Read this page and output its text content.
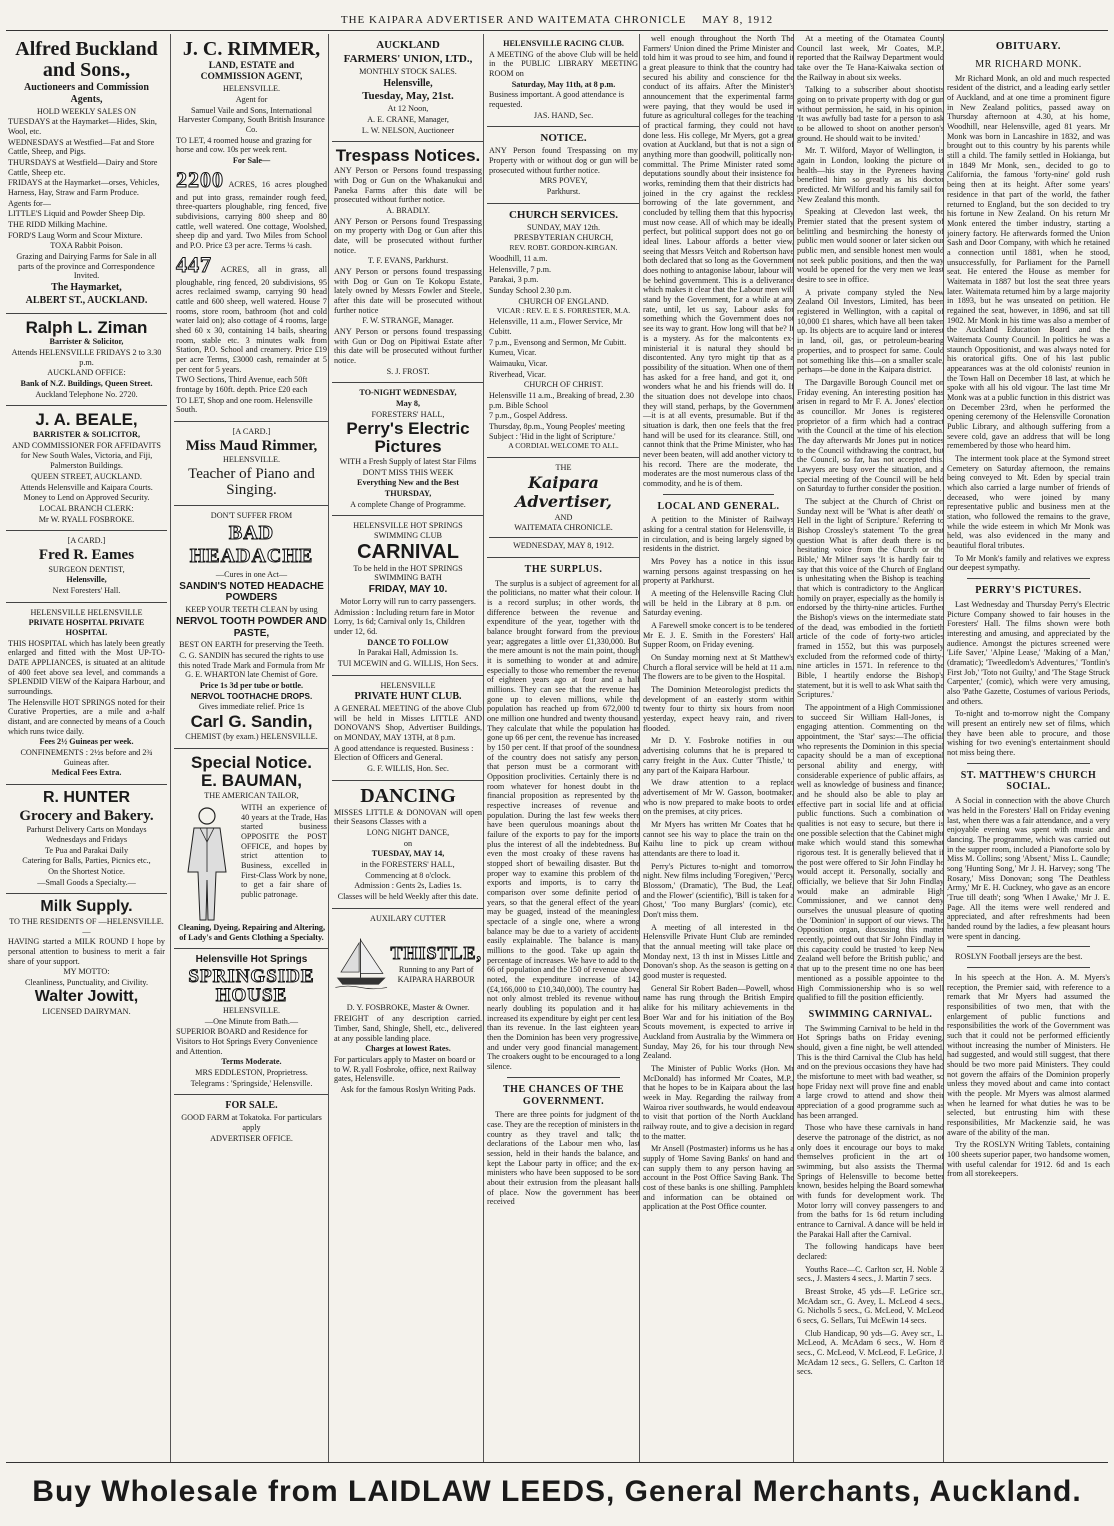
THE KAIPARA ADVERTISER AND WAITEMATA CHRONICLE MAY 8, 1912

Alfred Buckland and Sons.,

Auctioneers and Commission Agents,

HOLD WEEKLY SALES ON

TUESDAYS at the Haymarket—Hides, Skin, Wool, etc.

WEDNESDAYS at Westfied—Fat and Store Cattle, Sheep, and Pigs.

THURSDAYS at Westfield—Dairy and Store Cattle, Sheep etc.

FRIDAYS at the Haymarket—orses, Vehicles, Harness, Hay, Straw and Farm Produce.

Agents for—

LITTLE'S Liquid and Powder Sheep Dip.

THE RIDD Milking Machine.

FORD'S Laug Worm and Scour Mixture.

TOXA Rabbit Poison.

Grazing and Dairying Farms for Sale in all parts of the province and Correspondence Invited.

The Haymarket,

ALBERT ST., AUCKLAND.

Ralph L. Ziman

Barrister & Solicitor,

Attends HELENSVILLE FRIDAYS 2 to 3.30 p.m.

AUCKLAND OFFICE:

Bank of N.Z. Buildings, Queen Street.

Auckland Telephone No. 2720.

J. A. BEALE,

BARRISTER & SOLICITOR,

AND COMMISSIONER FOR AFFIDAVITS for New South Wales, Victoria, and Fiji,

Palmerston Buildings.

QUEEN STREET, AUCKLAND.

Attends Helensville and Kaipara Courts.

Money to Lend on Approved Security.

LOCAL BRANCH CLERK:

Mr W. RYALL FOSBROKE.

[A CARD.]

Fred R. Eames

SURGEON DENTIST,

Helensville,

Next Foresters' Hall.

HELENSVILLE HELENSVILLE

PRIVATE HOSPITAL PRIVATE HOSPITAL

THIS HOSPITAL which has lately been greatly enlarged and fitted with the Most UP-TO-DATE APPLIANCES, is situated at an altitude of 400 feet above sea level, and commands a SPLENDID VIEW of the Kaipara Harbour, and surroundings.

The Helensville HOT SPRINGS noted for their Curative Properties, are a mile and a-half distant, and are connected by means of a Couch which runs twice daily.

Fees 2½ Guineas per week.

CONFINEMENTS : 2½s before and 2¾ Guineas after.

Medical Fees Extra.

R. HUNTER

Grocery and Bakery.

Parhurst Delivery Carts on Mondays Wednesdays and Fridays

Te Pua and Parakai Daily

Catering for Balls, Parties, Picnics etc.,

On the Shortest Notice.

—Small Goods a Specialty.—

Milk Supply.

TO THE RESIDENTS OF —HELENSVILLE.—

HAVING started a MILK ROUND I hope by personal attention to business to merit a fair share of your support.

MY MOTTO:

Cleanliness, Punctuality, and Civility.

Walter Jowitt,

LICENSED DAIRYMAN.

J. C. RIMMER,

LAND, ESTATE and COMMISSION AGENT,

HELENSVILLE.

Agent for

Samuel Vaile and Sons, International Harvester Company, South British Insurance Co.

TO LET, 4 roomed house and grazing for horse and cow. 10s per week rent.

For Sale—

2200 ACRES, 16 acres ploughed and put into grass, remainder rough feed, three-quarters ploughable, ring fenced, five subdivisions, carrying 800 sheep and 80 cattle, well watered. One cottage, Woolshed, sheep dip and yard. Two Miles from School and P.O. Price £3 per acre. Terms ¼ cash.

447 ACRES, all in grass, all ploughable, ring fenced, 20 subdivisions, 95 acres reclaimed swamp, carrying 90 head cattle and 600 sheep, well watered. House 7 rooms, store room, bathroom (hot and cold water laid on); also cottage of 4 rooms, large shed 60 x 30, containing 14 bails, shearing room, stable etc. 3 minutes walk from Station, P.O. School and creamery. Price £19 per acre Terms, £3000 cash, remainder at 5 per cent for 5 years.

TWO Sections, Third Avenue, each 50ft frontage by 160ft. depth. Price £20 each

TO LET, Shop and one room. Helensville South.

[A CARD.]

Miss Maud Rimmer,

HELENSVILLE.

Teacher of Piano and Singing.

DON'T SUFFER FROM

BAD HEADACHE

—Cures in one Act—

SANDIN'S NOTED HEADACHE POWDERS

KEEP YOUR TEETH CLEAN by using

NERVOL TOOTH POWDER AND PASTE,

BEST ON EARTH for preserving the Teeth.

C. G. SANDIN has secured the rights to use this noted Trade Mark and Formula from Mr G. E. WHARTON late Chemist of Gore.

Price 1s 3d per tube or bottle.

NERVOL TOOTHACHE DROPS.

Gives immediate relief. Price 1s

Carl G. Sandin,

CHEMIST (by exam.) HELENSVILLE.

Special Notice.

E. BAUMAN,

THE AMERICAN TAILOR,

WITH an experience of 40 years at the Trade, Has started business OPPOSITE the POST OFFICE, and hopes by strict attention to Business, excelled in First-Class Work by none, to get a fair share of public patronage.

Cleaning, Dyeing, Repairing and Altering, of Lady's and Gents Clothing a Specialty.

Helensville Hot Springs

SPRINGSIDE HOUSE

HELENSVILLE.

—One Minute from Bath.—

SUPERIOR BOARD and Residence for Visitors to Hot Springs Every Convenience and Attention.

Terms Moderate.

MRS EDDLESTON, Proprietress.

Telegrams : 'Springside,' Helensville.

FOR SALE.

GOOD FARM at Tokatoka. For particulars apply

ADVERTISER OFFICE.

AUCKLAND

FARMERS' UNION, LTD.,

MONTHLY STOCK SALES.

Helensville,

Tuesday, May, 21st.

At 12 Noon,

A. E. CRANE, Manager,

L. W. NELSON, Auctioneer

Trespass Notices.

ANY Person or Persons found trespassing with Dog or Gun on the Whakanukui and Paneka Farms after this date will be prosecuted without further notice.

A. BRADLY.

ANY Person or Persons found Trespassing on my property with Dog or Gun after this date, will be prosecuted without further notice.

T. F. EVANS, Parkhurst.

ANY Person or persons found trespassing with Dog or Gun on Te Kokopu Estate, lately owned by Messrs Fowler and Steele, after this date will be prosecuted without further notice

F. W. STRANGE, Manager.

ANY Person or persons found trespassing with Gun or Dog on Pipitiwai Estate after this date will be prosecuted without further notice.

S. J. FROST.

TO-NIGHT WEDNESDAY,

May 8,

FORESTERS' HALL,

Perry's Electric Pictures

WITH a Fresh Supply of latest Star Films

DON'T MISS THIS WEEK

Everything New and the Best

THURSDAY,

A complete Change of Programme.

HELENSVILLE HOT SPRINGS SWIMMING CLUB

CARNIVAL

To be held in the HOT SPRINGS SWIMMING BATH

FRIDAY, MAY 10.

Motor Lorry will run to carry passengers.

Admission : Including return fare in Motor Lorry, 1s 6d; Carnival only 1s, Children under 12, 6d.

DANCE TO FOLLOW

In Parakai Hall, Admission 1s.

TUI MCEWIN and G. WILLIS, Hon Secs.

HELENSVILLE

PRIVATE HUNT CLUB.

A GENERAL MEETING of the above Club will be held in Misses LITTLE AND DONOVAN'S Shop, Advertiser Buildings, on MONDAY, MAY 13TH, at 8 p.m.

A good attendance is requested. Business : Election of Officers and General.

G. F. WILLIS, Hon. Sec.

DANCING

MISSES LITTLE & DONOVAN will open their Seasons Classes with a

LONG NIGHT DANCE,

on

TUESDAY, MAY 14,

in the FORESTERS' HALL,

Commencing at 8 o'clock.

Admission : Gents 2s, Ladies 1s.

Classes will be held Weekly after this date.

AUXILARY CUTTER

THISTLE,

Running to any Part of KAIPARA HARBOUR

D. Y. FOSBROKE, Master & Owner.

FREIGHT of any description carried. Timber, Sand, Shingle, Shell, etc., delivered at any possible landing place.

Charges at lowest Rates.

For particulars apply to Master on board or to W. R.yall Fosbroke, office, next Railway gates, Helensville.

Ask for the famous Roslyn Writing Pads.

HELENSVILLE RACING CLUB.

A MEETING of the above Club will be held in the PUBLIC LIBRARY MEETING ROOM on

Saturday, May 11th, at 8 p.m.

Business important. A good attendance is requested.

JAS. HAND, Sec.

NOTICE.

ANY Person found Trespassing on my Property with or without dog or gun will be prosecuted without further notice.

MRS POVEY,

Parkhurst.

CHURCH SERVICES.

SUNDAY, MAY 12th.

PRESBYTERIAN CHURCH,

REV. ROBT. GORDON-KIRGAN.

Woodhill, 11 a.m.

Helensville, 7 p.m.

Parakai, 3 p.m.

Sunday School 2.30 p.m.

CHURCH OF ENGLAND.

VICAR : REV. E. E S. FORRESTER, M.A.

Helensville, 11 a.m., Flower Service, Mr Cubitt.

7 p.m., Evensong and Sermon, Mr Cubitt.

Kumeu, Vicar.

Waimauku, Vicar.

Riverhead, Vicar.

CHURCH OF CHRIST.

Helensville 11 a.m., Breaking of bread, 2.30 p.m. Bible School

7 p.m., Gospel Address.

Thursday, 8p.m., Young Peoples' meeting Subject : 'Hid in the light of Scripture.'

A CORDIAL WELCOME TO ALL.

THE

Kaipara Advertiser,

AND

WAITEMATA CHRONICLE.

WEDNESDAY, MAY 8, 1912.

THE SURPLUS.

The surplus is a subject of agreement for all the politicians, no matter what their colour. It is a record surplus; in other words, the difference between the revenue and expenditure of the year, together with the balance brought forward from the previous year; aggregates a little over £1,330,000. But the mere amount is not the main point, though it is something to wonder at and admire, especially to those who remember the revenue of eighteen years ago at four and a half millions. They can see that the revenue has gone up to eleven millions, while the population has reached up from 672,000 to one million one hundred and twenty thousand. They calculate that while the population has gone up 66 per cent, the revenue has increased by 150 per cent. If that proof of the soundness of the country does not satisfy any person, that person must be a cormorant with Opposition proclivities. Certainly there is no room whatever for honest doubt in the financial proposition as represented by the respective increases of revenue and population. During the last few weeks there have been querulous moanings about the failure of the exports to pay for the imports plus the interest of all the indebtedness. But even the most croaky of these ravens has stopped short of bewailing disaster. But the proper way to examine this problem of the exports and imports, is to carry the comparison over some definite period of years, so that the general effect of the years may be guaged, instead of the meaningless spectacle of a single one, where a wrong balance may be due to a variety of accidents easily explainable. The balance is many millions to the good. Take up again the percentage of increases. We have to add to the 66 of population and the 150 of revenue above noted, the expenditure increase of 142 (£4,166,000 to £10,340,000). The country has not only almost trebled its revenue without nearly doubling its population and it has increased its expenditure by eight per cent less than its revenue. In the last eighteen years then the Dominion has been very progressive, and under very good financial management. The croakers ought to be encouraged to a long silence.

THE CHANCES OF THE GOVERNMENT.

There are three points for judgment of the case. They are the reception of ministers in the country as they travel and talk; the declarations of the Labour men who, last session, held in their hands the balance, and kept the Labour party in office; and the ex-ministers who have been supposed to be sore about their extrusion from the pleasant halls of place. Now the government has been received

well enough throughout the North The Farmers' Union dined the Prime Minister and told him it was proud to see him, and found it a great pleasure to think that the country had secured his ability and conscience for the conduct of its affairs. After the Minister's announcement that the experimental farms were paying, that they would be used in future as agricultural colleges for the teaching of practical farming, they could not have done less. His college, Mr Myers, got a great ovation at Auckland, but that is not a sign of anything more than goodwill, politically non-committal. The Prime Minister rated some deputations soundly about their insistence for works, reminding them that their districts had joined in the cry against the reckless borrowing of the late government, and concluded by telling them that this hypocrisy must now cease. All of which may be ideally perfect, but political support does not go on ideal lines. Labour affords a better view, seeing that Messrs Veitch and Robertson have both declared that so long as the Government does nothing to antagonise labour, labour will be behind government. This is a deliverance which makes it clear that the Labour men will stand by the Government, for a while at any rate, until, let us say, Labour asks for something which the Government does not see its way to grant. How long will that be? It is a mystery. As for the malcontents ex-ministerial it is natural they should be discontented. Any tyro might tip that as a possibility of the situation. When one of them has asked for a free hand, and got it, one wonders what he and his friends will do. If the situation does not develope into chaos, they will stand, perhaps, by the Government—it is at all events, presumable. But if the situation is dark, then one feels that the free hand will be used for its clearance. Still, one cannot think that the Prime Minister, who has never been beaten, will add another victory to his record. There are the moderate, the moderates are the most numerous class of the commodity, and he is of them.

LOCAL AND GENERAL.

A petition to the Minister of Railways asking for a central station for Helensville, is in circulation, and is being largely signed by residents in the district.

Mrs Povey has a notice in this issue warning persons against trespassing on her property at Parkhurst.

A meeting of the Helensville Racing Club will be held in the Library at 8 p.m. on Saturday evening.

A Farewell smoke concert is to be tendered Mr E. J. E. Smith in the Foresters' Hall Supper Room, on Friday evening.

On Sunday morning next at St Matthew's Church a floral service will be held at 11 a.m. The flowers are to be given to the Hospital.

The Dominion Meteorologist predicts the development of an easterly storm within twenty four to thirty six hours from noon yesterday, expect heavy rain, and rivers flooded.

Mr D. Y. Fosbroke notifies in our advertising columns that he is prepared to carry freight in the Aux. Cutter 'Thistle,' to any part of the Kaipara Harbour.

We draw attention to a replace advertisement of Mr W. Gasson, bootmaker, who is now prepared to make boots to order on the premises, at city prices.

Mr Myers has written Mr Coates that he cannot see his way to place the train on the Kaihu line to pick up cream without attendants are there to load it.

Perry's Pictures to-night and tomorrow night. New films including 'Foregiven,' 'Percy Blossom,' (Dramatic), 'The Bud, the Leaf, and the Flower' (scientific), 'Bill is taken for a Ghost,' 'Too many Burglars' (comic), etc. Don't miss them.

A meeting of all interested in the Helensville Private Hunt Club are reminded that the annual meeting will take place on Monday next, 13 th inst in Misses Little and Donovan's shop. As the season is getting on a good muster is requested.

General Sir Robert Baden—Powell, whose name has rung through the British Empire alike for his military achievements in the Boer War and for his initiation of the Boy Scouts movement, is expected to arrive in Auckland from Australia by the Wimmera on Sunday, May 26, for his tour through New Zealand.

The Minister of Public Works (Hon. Mr McDonald) has informed Mr Coates, M.P., that he hopes to be in Kaipara about the last week in May. Regarding the railway from Wairoa river southwards, he would endeavour to visit that portion of the North Auckland railway route, and to give a decision in regard to the matter.

Mr Ansell (Postmaster) informs us he has a supply of 'Home Saving Banks' on hand and can supply them to any person having an account in the Post Office Saving Bank. The cost of these banks is one shilling. Pamphlets and information can be obtained on application at the Post Office counter.

At a meeting of the Otamatea County Council last week, Mr Coates, M.P., reported that the Railway Department would take over the Te Hana-Kaiwaka section of the Railway in about six weeks.

Talking to a subscriber about shootists going on to private property with dog or gun without permission, he said, in his opinion, 'It was awfully bad taste for a person to ask to be allowed to shoot on another person's ground. He should wait to be invited.'

Mr. T. Wilford, Mayor of Wellington, is again in London, looking the picture of health—his stay in the Pyrenees having benefited him so greatly as his doctor predicted. Mr Wilford and his family sail for New Zealand this month.

Speaking at Clevedon last week, the Premier stated that the present system of belittling and besmirching the honesty of public men would sooner or later sicken our public men, and sensible honest men would not seek public positions, and then the way would be opened for the very men we least desire to see in office.

A private company styled the New Zealand Oil Investors, Limited, has been registered in Wellington, with a capital of 10,000 £1 shares, which have all been taken up. Its objects are to acquire land or interest in land, oil, gas, or petroleum-bearing properties, and to prospect for same. Could not something like this—on a smaller scale, perhaps—be done in the Kaipara district.

The Dargaville Borough Council met on Friday evening. An interesting position has arisen in regard to Mr F. A. Jones' election as councillor. Mr Jones is registered proprietor of a firm which had a contract with the Council at the time of his election. The day afterwards Mr Jones put in notices to the Council withdrawing the contract, but the Council, so far, has not accepted this. Lawyers are busy over the situation, and a special meeting of the Council will be held on Saturday to further consider the position.

The subject at the Church of Christ on Sunday next will be 'What is after death' or Hell in the light of Scripture.' Referring to Bishop Crossley's statement 'To the great question What is after death there is no hesitating voice from the Church or the Bible,' Mr Milner says 'It is hardly fair to say that this voice of the Church of England is unhesitating when the Bishop is teaching that which is contradictory to the Anglican homily on prayer, especially as the homily is endorsed by the thirty-nine articles. Further the Bishop's views on the intermediate state of the dead, was embodied in the fortieth article of the code of forty-two articles framed in 1552, but this was purposely excluded from the reformed code of thirty-nine articles in 1571. In reference to the Bible, I heartily endorse the Bishop's statement, but it is well to ask What saith the Scriptures.'

The appointment of a High Commissioner to succeed Sir William Hall-Jones, is engaging attention. Commenting on the appointment, the 'Star' says:—The official who represents the Dominion in this special capacity should be a man of exceptional personal ability and energy, with considerable experience of public affairs, as well as knowledge of business and finance; and he should also be able to play an effective part in social life and at official public functions. Such a combination of qualities is not easy to secure, but there is one possible selection that the Cabinet might make which would stand this somewhat rigorous test. It is generally believed that if the post were offered to Sir John Findlay he would accept it. Personally, socially and officially, we believe that Sir John Findlay would make an admirable High Commissioner, and we cannot deny ourselves the unusual pleasure of quoting the 'Dominion' in support of our views. The Opposition organ, discussing this matter recently, pointed out that Sir John Findlay in this capacity could be trusted 'to keep New Zealand well before the British public,' and that up to the present time no one has been mentioned as a possible appointee to the High Commissionership who is so well qualified to fill the position efficiently.

SWIMMING CARNIVAL.

The Swimming Carnival to be held in the Hot Springs baths on Friday evening, should, given a fine night, be well attended. This is the third Carnival the Club has held, and on the previous occasions they have had the misfortune to meet with bad weather, so hope Friday next will prove fine and enable a large crowd to attend and show their appreciation of a good programme such as has been arranged.

Those who have these carnivals in hand deserve the patronage of the district, as not only does it encourage our boys to make themselves proficient in the art of swimming, but also assists the Thermal Springs of Helensville to become better known, besides helping the Board somewhat with funds for development work. The Motor lorry will convey passengers to and from the baths for 1s 6d return including entrance to Carnival. A dance will be held in the Parakai Hall after the Carnival.

The following handicaps have been declared:

Youths Race—C. Carlton scr, H. Noble 2 secs., J. Masters 4 secs., J. Martin 7 secs.

Breast Stroke, 45 yds—F. LeGrice scr., McAdam scr., G. Avey, L. McLeod 4 secs., G. Nicholls 5 secs., G. McLeod, V. McLeod 6 secs, G. Sellars, Tui McEwin 14 secs.

Club Handicap, 90 yds—G. Avey scr., L. McLeod, A. McAdam 6 secs., W. Horn 8 secs., C. McLeod, V. McLeod, F. LeGrice, J. McAdam 12 secs., G. Sellers, C. Carlton 18 secs.

OBITUARY.

MR RICHARD MONK.

Mr Richard Monk, an old and much respected resident of the district, and a leading early settler of Auckland, and at one time a prominent figure in New Zealand politics, passed away on Thursday afternoon at 4.30, at his home, Woodhill, near Helensville, aged 81 years. Mr Monk was born in Lancashire in 1832, and was brought out to this country by his parents while still a child. The family settled in Hokianga, but in 1849 Mr Monk, sen., decided to go to California, the famous 'forty-nine' gold rush being then at its height. After some years' residence in that part of the world, the father returned to England, but the son decided to try his fortune in New Zealand. On his return Mr Monk entered the timber industry, starting a joinery factory. He afterwards formed the Union Sash and Door Company, with which he retained a connection until 1881, when he stood, unsuccessfully, for Parliament for the Parnell seat. He entered the House as member for Waitemata in 1887 but lost the seat three years later. Waitemata returned him by a large majority in 1893, but he was unseated on petition. He regained the seat, however, in 1896, and sat till 1902. Mr Monk in his time was also a member of the Auckland Education Board and the Waitemata County Council. In politics he was a staunch Oppositionist, and was always noted for his oratorical gifts. One of his last public appearances was at the old colonists' reunion in the Town Hall on December 18 last, at which he spoke with all his old vigour. The last time Mr Monk was at a public function in this district was on December 23rd, when he performed the opening ceremony of the Helensville Coronation Public Library, and although suffering from a severe cold, gave an address that will be long remembered by those who heard him.

The interment took place at the Symond street Cemetery on Saturday afternoon, the remains being conveyed to Mt. Eden by special train which also carried a large number of friends of deceased, who were joined by many representative public and business men at the station, who followed the remains to the grave, while the wide esteem in which Mr Monk was held, was also evidenced in the many and beautiful floral tributes.

To Mr Monk's family and relatives we express our deepest sympathy.

PERRY'S PICTURES.

Last Wednesday and Thursday Perry's Electric Picture Company showed to fair houses in the Foresters' Hall. The films shown were both interesting and amusing, and appreciated by the audience. Amongst the pictures screened were 'Life Saver,' 'Alpine Lease,' 'Making of a Man,' (dramatic); 'Tweedledom's Adventures,' 'Tontlin's First Job,' 'Toto not Guilty,' and 'The Stage Struck Carpenter,' (comic), which were very amusing, also 'Pathe Gazette, Costumes of various Periods, and others.

To-night and to-morrow night the Company will present an entirely new set of films, which they have been able to procure, and those wishing for two evening's entertainment should not miss being there.

ST. MATTHEW'S CHURCH SOCIAL.

A Social in connection with the above Church was held in the Foresters' Hall on Friday evening last, when there was a fair attendance, and a very enjoyable evening was spent with music and dancing. The programme, which was carried out in the supper room, included a Pianoforte solo by Miss M. Collins; song 'Absent,' Miss L. Caundle; song 'Hunting Song,' Mr J. H. Harvey; song 'The Rosary,' Miss Donovan; song 'The Deathless Army,' Mr E. H. Cuckney, who gave as an encore 'True till death'; song 'When I Awake,' Mr J. E. Page. All the items were well rendered and appreciated, and after refreshments had been handed round by the ladies, a few pleasant hours were spent in dancing.

ROSLYN Football jerseys are the best.

In his speech at the Hon. A. M. Myers's reception, the Premier said, with reference to a remark that Mr Myers had assumed the responsibilities of two men, that with the enlargement of public functions and responsibilities the work of the Government was such that it could not be performed efficiently without increasing the number of Ministers. He had suggested, and would still suggest, that there should be two more paid Ministers. They could not govern the affairs of the Dominion properly unless they moved about and came into contact with the people. Mr Myers was almost alarmed when he learned for what duties he was to be selected, but entrusting him with these responsibilities, Mr Mackenzie said, he was aware of the ability of the man.

Try the ROSLYN Writing Tablets, containing 100 sheets superior paper, two handsome women, with useful calendar for 1912. 6d and 1s each from all storekeepers.

Buy Wholesale from LAIDLAW LEEDS, General Merchants, Auckland.
